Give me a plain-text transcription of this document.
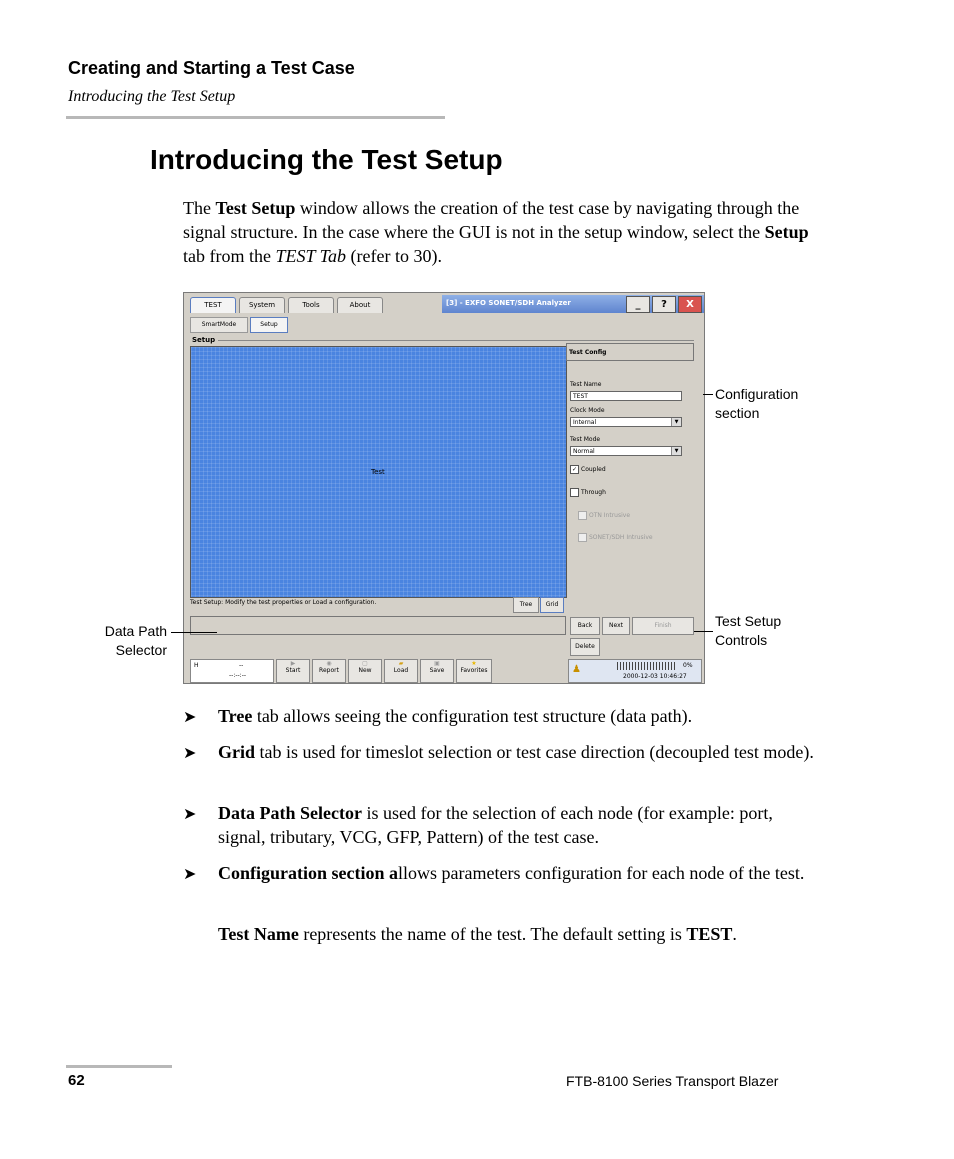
Creating and Starting a Test Case
Introducing the Test Setup
Introducing the Test Setup
The Test Setup window allows the creation of the test case by navigating through the signal structure. In the case where the GUI is not in the setup window, select the Setup tab from the TEST Tab (refer to 30).
TEST	System	Tools	About	[3] - EXFO SONET/SDH Analyzer	_	?	X
SmartMode	Setup
Setup
Test
Test Setup: Modify the test properties or Load a configuration.	Tree	Grid
Test Config
Test Name
TEST
Clock Mode
Internal	▼
Test Mode
Normal	▼
✓ Coupled
Through
OTN Intrusive
SONET/SDH Intrusive
Back	Next	Finish
Delete
H	--
--:--:--
▶
Start
◉
Report
▢
New
▰
Load
▣
Save
★
Favorites	♟	0%
2000-12-03 10:46:27
Configuration
section
Test Setup
Controls
Data Path
Selector
➤ Tree tab allows seeing the configuration test structure (data path).
➤ Grid tab is used for timeslot selection or test case direction (decoupled test mode).
➤ Data Path Selector is used for the selection of each node (for example: port, signal, tributary, VCG, GFP, Pattern) of the test case.
➤ Configuration section allows parameters configuration for each node of the test.
Test Name represents the name of the test. The default setting is TEST.
62	FTB-8100 Series Transport Blazer
